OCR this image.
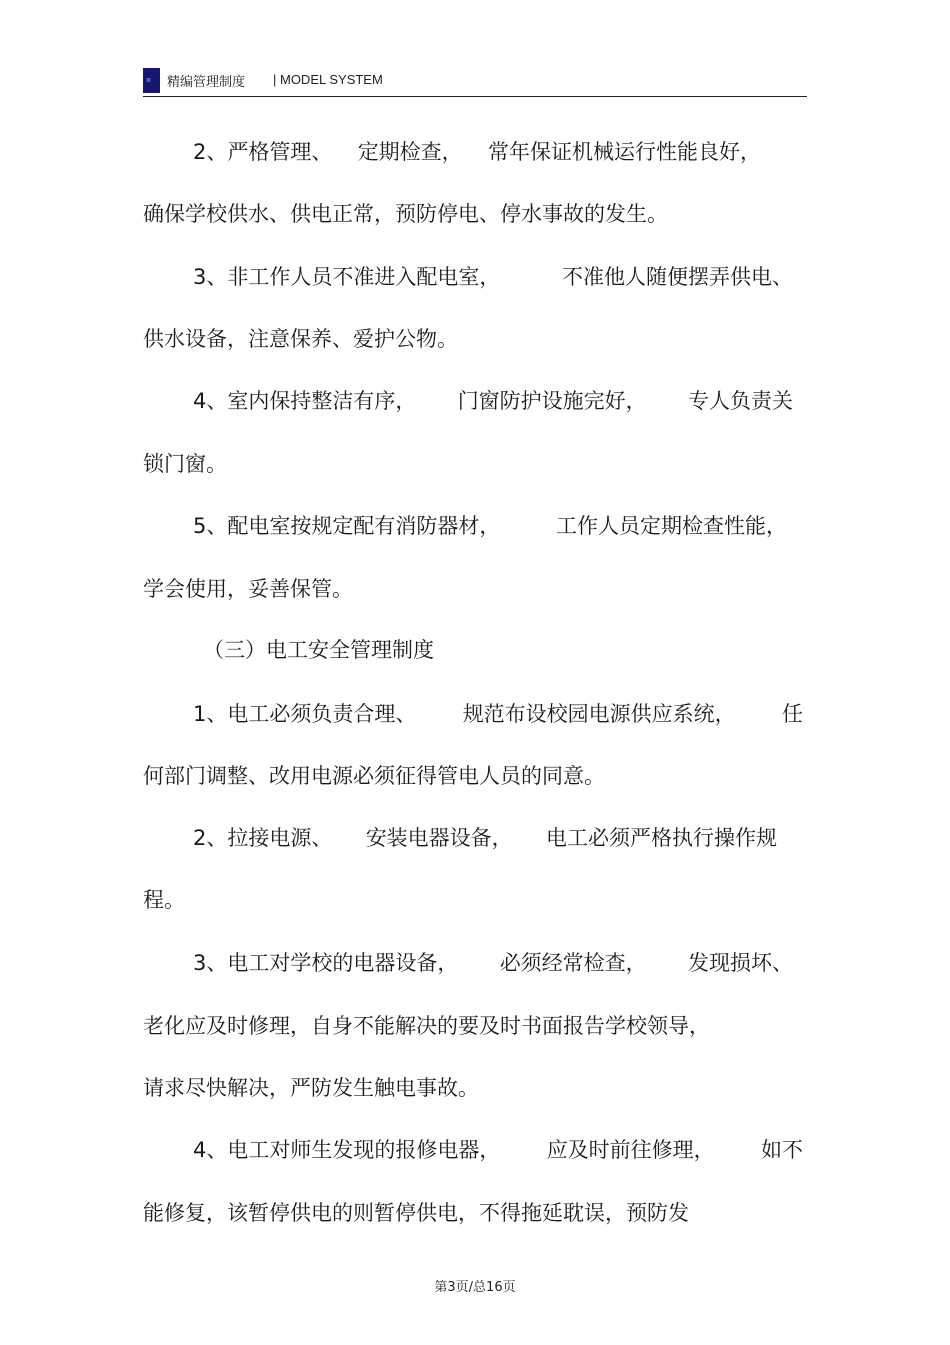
▪ 精编管理制度 | MODEL SYSTEM
2、严格管理、 定期检查， 常年保证机械运行性能良好，
确保学校供水、供电正常，预防停电、停水事故的发生。
3、非工作人员不准进入配电室，	不准他人随便摆弄供电、
供水设备，注意保养、爱护公物。
4、室内保持整洁有序， 门窗防护设施完好， 专人负责关
锁门窗。
5、配电室按规定配有消防器材，	工作人员定期检查性能，
学会使用，妥善保管。
（三）电工安全管理制度
1、电工必须负责合理、 规范布设校园电源供应系统， 任
何部门调整、改用电源必须征得管电人员的同意。
2、拉接电源、 安装电器设备， 电工必须严格执行操作规
程。
3、电工对学校的电器设备， 必须经常检查， 发现损坏、
老化应及时修理，自身不能解决的要及时书面报告学校领导，
请求尽快解决，严防发生触电事故。
4、电工对师生发现的报修电器， 应及时前往修理， 如不
能修复，该暂停供电的则暂停供电，不得拖延耽误，预防发
第3页/总16页
